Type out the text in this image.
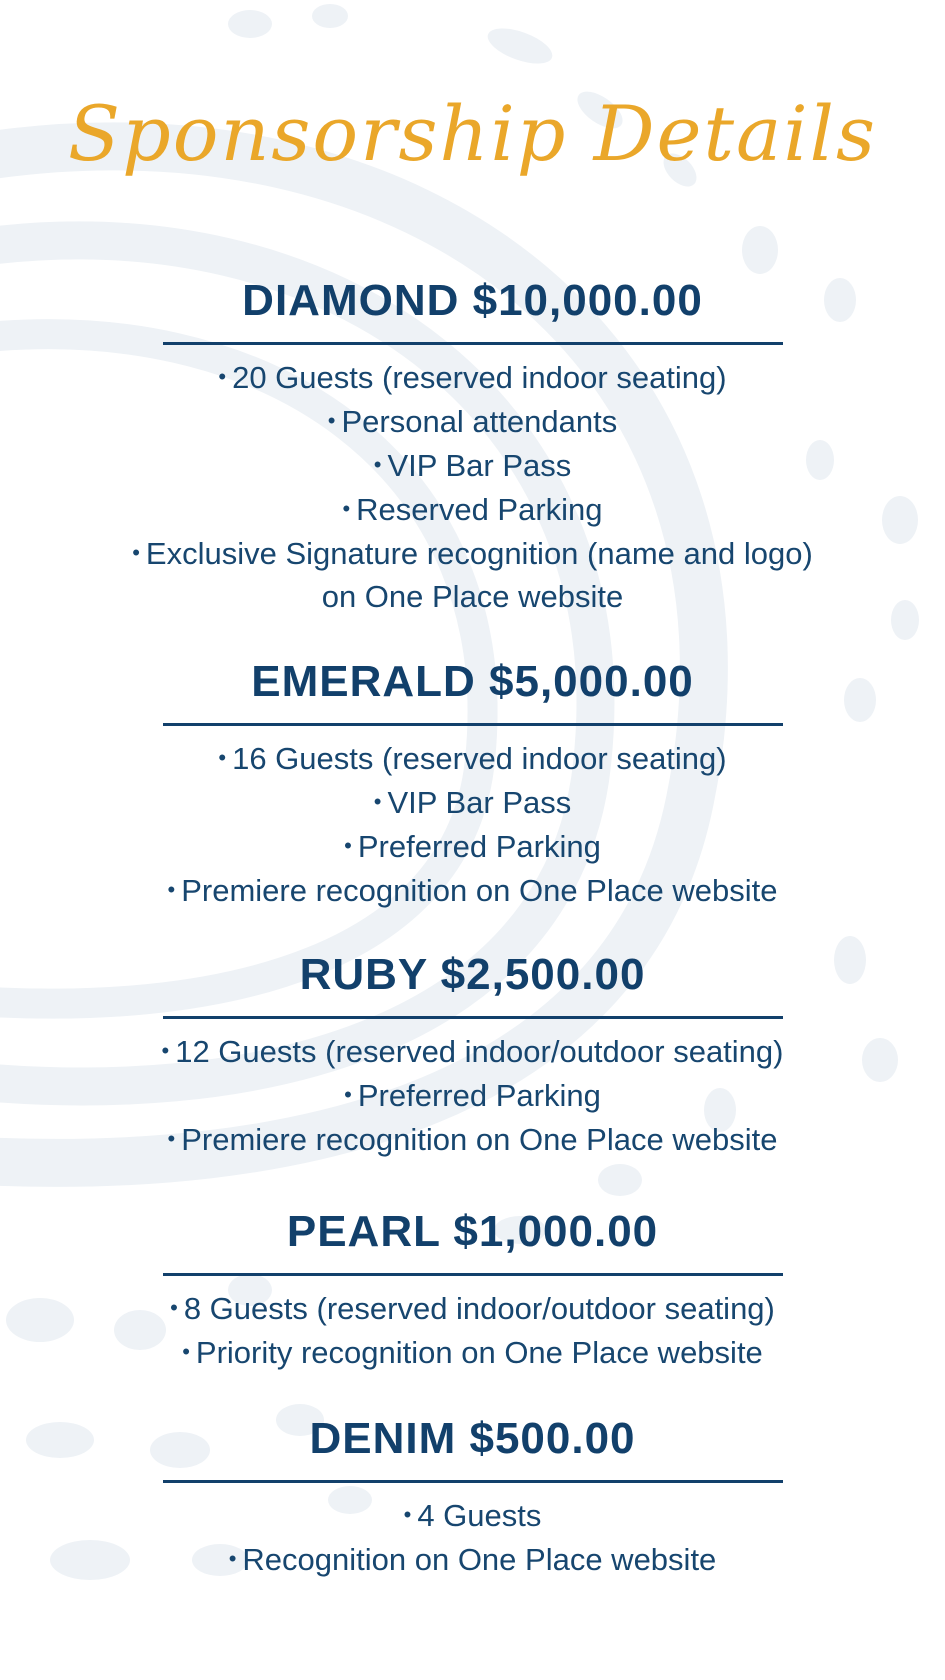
Sponsorship Details
DIAMOND $10,000.00
• 20 Guests (reserved indoor seating)
• Personal attendants
• VIP Bar Pass
• Reserved Parking
• Exclusive Signature recognition (name and logo)
on One Place website
EMERALD $5,000.00
• 16 Guests (reserved indoor seating)
• VIP Bar Pass
• Preferred Parking
• Premiere recognition on One Place website
RUBY $2,500.00
• 12 Guests (reserved indoor/outdoor seating)
• Preferred Parking
• Premiere recognition on One Place website
PEARL $1,000.00
• 8 Guests (reserved indoor/outdoor seating)
• Priority recognition on One Place website
DENIM $500.00
• 4 Guests
• Recognition on One Place website
